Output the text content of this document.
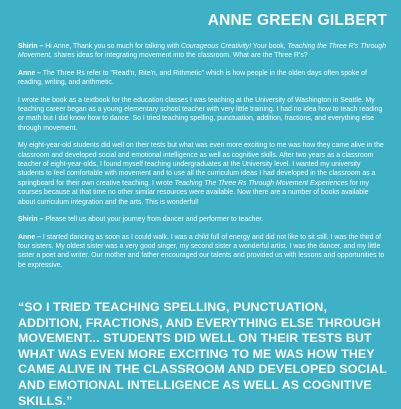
ANNE GREEN GILBERT

Shirin – Hi Anne, Thank you so much for talking with Courageous Creativity! Your book, Teaching the Three R's Through Movement, shares ideas for integrating movement into the classroom. What are the Three R's?

Anne – The Three Rs refer to "Read'n, Rite'n, and Rithmetic" which is how people in the olden days often spoke of reading, writing, and arithmetic.

I wrote the book as a textbook for the education classes I was teaching at the University of Washington in Seattle. My teaching career began as a young elementary school teacher with very little training. I had no idea how to teach reading or math but I did know how to dance. So I tried teaching spelling, punctuation, addition, fractions, and everything else through movement.

My eight-year-old students did well on their tests but what was even more exciting to me was how they came alive in the classroom and developed social and emotional intelligence as well as cognitive skills. After two years as a classroom teacher of eight-year-olds, I found myself teaching undergraduates at the University level. I wanted my university students to feel comfortable with movement and to use all the curriculum ideas I had developed in the classroom as a springboard for their own creative teaching. I wrote Teaching The Three Rs Through Movement Experiences for my courses because at that time no other similar resources were available. Now there are a number of books available about curriculum integration and the arts. This is wonderful!

Shirin – Please tell us about your journey from dancer and performer to teacher.

Anne – I started dancing as soon as I could walk. I was a child full of energy and did not like to sit still. I was the third of four sisters. My oldest sister was a very good singer, my second sister a wonderful artist. I was the dancer, and my little sister a poet and writer. Our mother and father encouraged our talents and provided us with lessons and opportunities to be expressive.

“SO I TRIED TEACHING SPELLING, PUNCTUATION, ADDITION, FRACTIONS, AND EVERYTHING ELSE THROUGH MOVEMENT... STUDENTS DID WELL ON THEIR TESTS BUT WHAT WAS EVEN MORE EXCITING TO ME WAS HOW THEY CAME ALIVE IN THE CLASSROOM AND DEVELOPED SOCIAL AND EMOTIONAL INTELLIGENCE AS WELL AS COGNITIVE SKILLS.”
